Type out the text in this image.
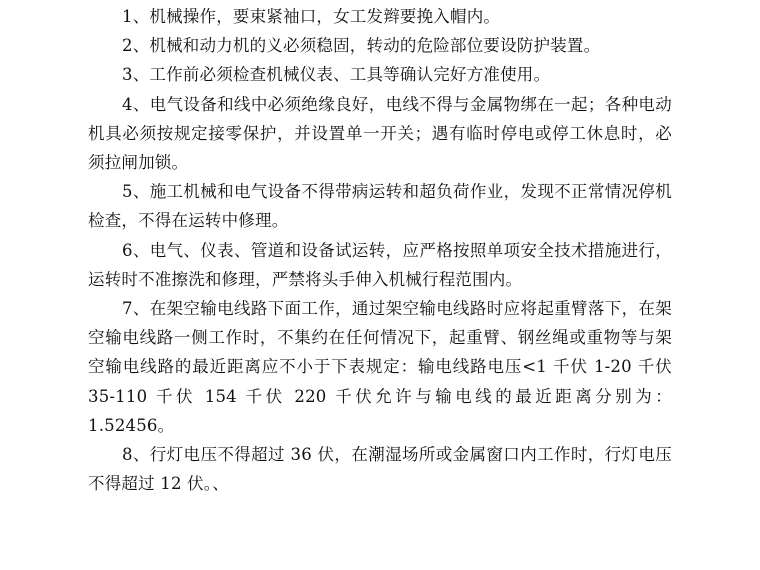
1、机械操作，要束紧袖口，女工发辫要挽入帽内。

2、机械和动力机的义必须稳固，转动的危险部位要设防护装置。

3、工作前必须检查机械仪表、工具等确认完好方准使用。

4、电气设备和线中必须绝缘良好，电线不得与金属物绑在一起；各种电动机具必须按规定接零保护，并设置单一开关；遇有临时停电或停工休息时，必须拉闸加锁。

5、施工机械和电气设备不得带病运转和超负荷作业，发现不正常情况停机检查，不得在运转中修理。

6、电气、仪表、管道和设备试运转，应严格按照单项安全技术措施进行，运转时不准擦洗和修理，严禁将头手伸入机械行程范围内。

7、在架空输电线路下面工作，通过架空输电线路时应将起重臂落下，在架空输电线路一侧工作时，不集约在任何情况下，起重臂、钢丝绳或重物等与架空输电线路的最近距离应不小于下表规定：输电线路电压<1 千伏 1-20 千伏 35-110 千伏 154 千伏 220 千伏允许与输电线的最近距离分别为：1.52456。

8、行灯电压不得超过 36 伏，在潮湿场所或金属窗口内工作时，行灯电压不得超过 12 伏。、
